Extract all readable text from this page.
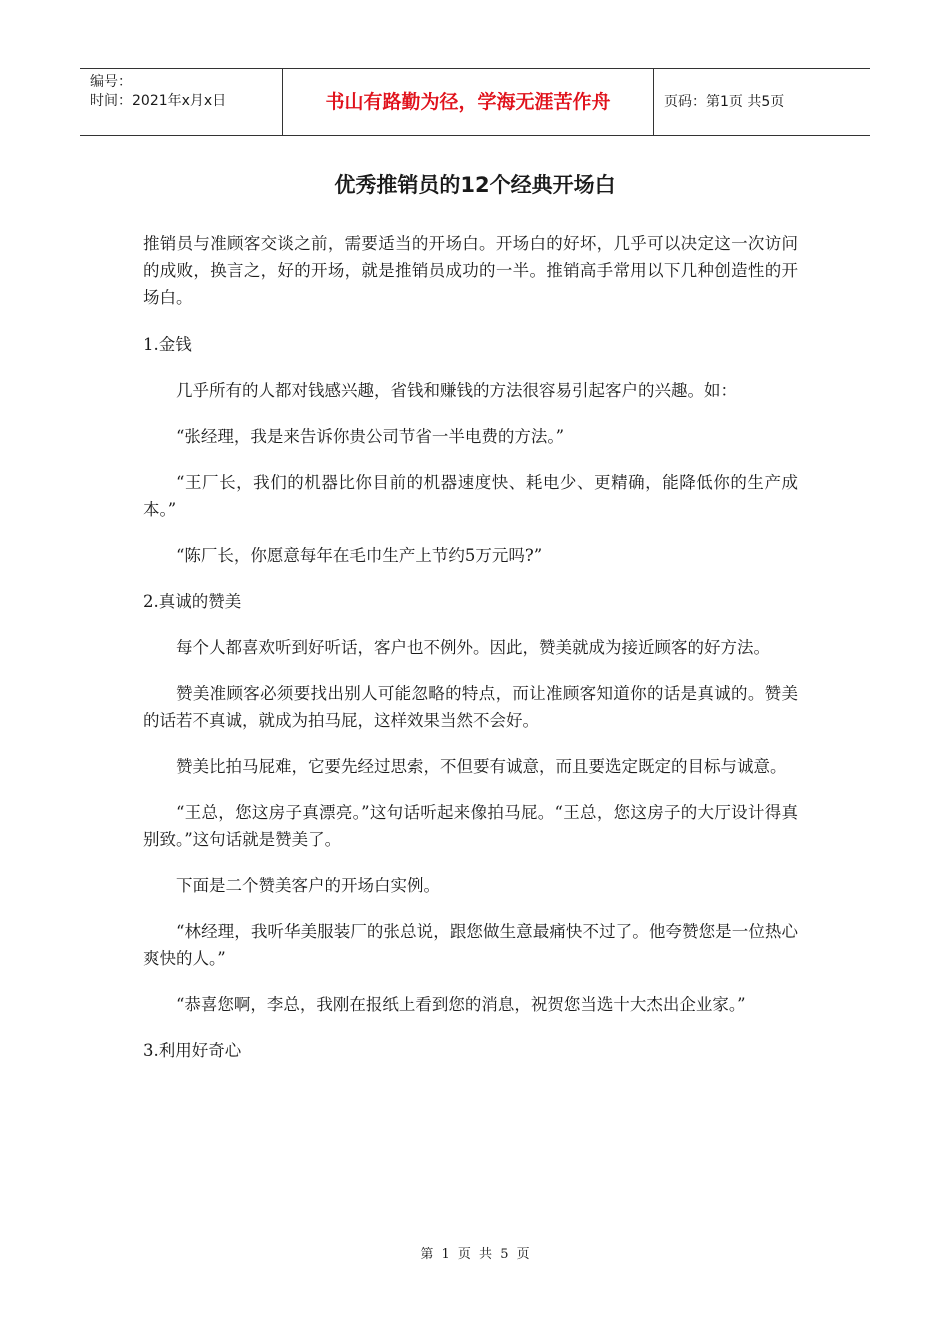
编号：
时间：2021年x月x日	书山有路勤为径，学海无涯苦作舟	页码：第1页 共5页
优秀推销员的12个经典开场白

推销员与准顾客交谈之前，需要适当的开场白。开场白的好坏，几乎可以决定这一次访问的成败，换言之，好的开场，就是推销员成功的一半。推销高手常用以下几种创造性的开场白。

1.金钱

几乎所有的人都对钱感兴趣，省钱和赚钱的方法很容易引起客户的兴趣。如：

“张经理，我是来告诉你贵公司节省一半电费的方法。”

“王厂长，我们的机器比你目前的机器速度快、耗电少、更精确，能降低你的生产成本。”

“陈厂长，你愿意每年在毛巾生产上节约5万元吗?”

2.真诚的赞美

每个人都喜欢听到好听话，客户也不例外。因此，赞美就成为接近顾客的好方法。

赞美准顾客必须要找出别人可能忽略的特点，而让准顾客知道你的话是真诚的。赞美的话若不真诚，就成为拍马屁，这样效果当然不会好。

赞美比拍马屁难，它要先经过思索，不但要有诚意，而且要选定既定的目标与诚意。

“王总，您这房子真漂亮。”这句话听起来像拍马屁。“王总，您这房子的大厅设计得真别致。”这句话就是赞美了。

下面是二个赞美客户的开场白实例。

“林经理，我听华美服装厂的张总说，跟您做生意最痛快不过了。他夸赞您是一位热心爽快的人。”

“恭喜您啊，李总，我刚在报纸上看到您的消息，祝贺您当选十大杰出企业家。”

3.利用好奇心

第 1 页 共 5 页
